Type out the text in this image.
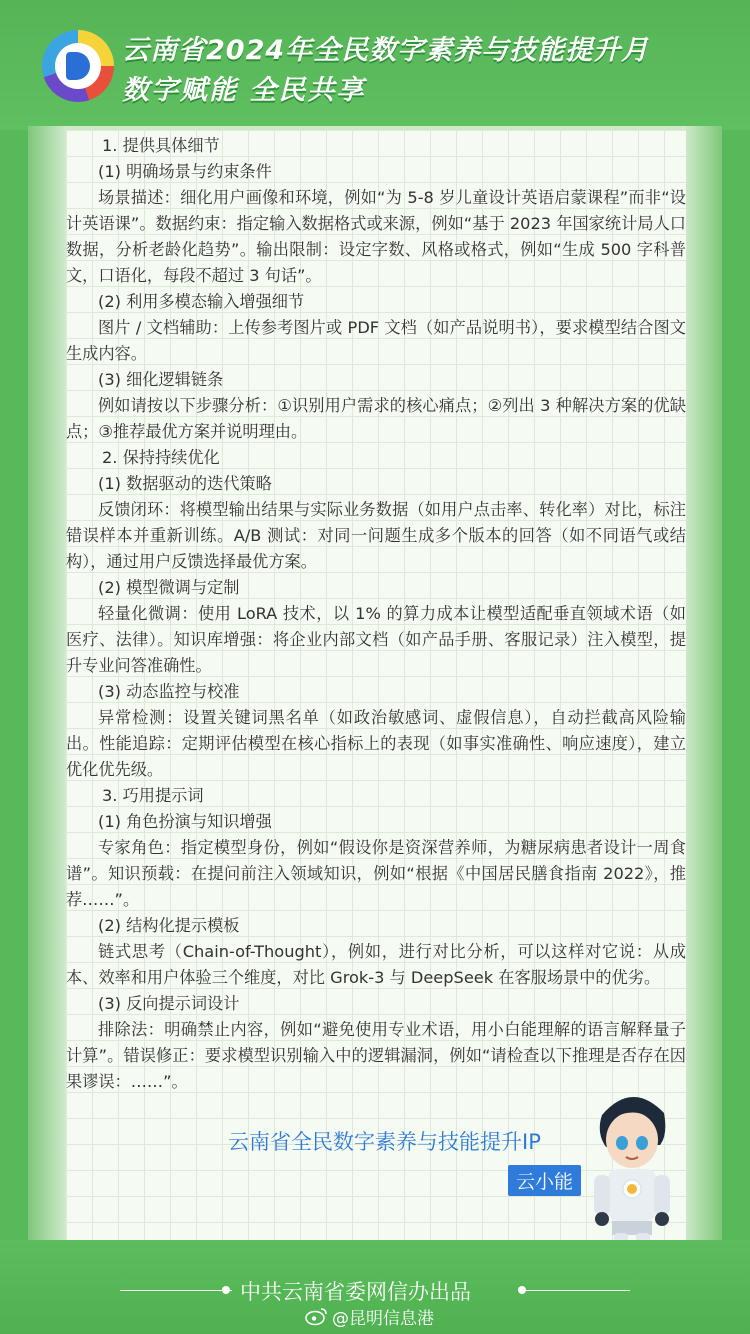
云南省2024年全民数字素养与技能提升月
数字赋能 全民共享

1. 提供具体细节

(1) 明确场景与约束条件

场景描述：细化用户画像和环境，例如“为 5-8 岁儿童设计英语启蒙课程”而非“设计英语课”。数据约束：指定输入数据格式或来源，例如“基于 2023 年国家统计局人口数据，分析老龄化趋势”。输出限制：设定字数、风格或格式，例如“生成 500 字科普文，口语化，每段不超过 3 句话”。

(2) 利用多模态输入增强细节

图片 / 文档辅助：上传参考图片或 PDF 文档（如产品说明书），要求模型结合图文生成内容。

(3) 细化逻辑链条

例如请按以下步骤分析：①识别用户需求的核心痛点；②列出 3 种解决方案的优缺点；③推荐最优方案并说明理由。

2. 保持持续优化

(1) 数据驱动的迭代策略

反馈闭环：将模型输出结果与实际业务数据（如用户点击率、转化率）对比，标注错误样本并重新训练。A/B 测试：对同一问题生成多个版本的回答（如不同语气或结构），通过用户反馈选择最优方案。

(2) 模型微调与定制

轻量化微调：使用 LoRA 技术，以 1% 的算力成本让模型适配垂直领域术语（如医疗、法律）。知识库增强：将企业内部文档（如产品手册、客服记录）注入模型，提升专业问答准确性。

(3) 动态监控与校准

异常检测：设置关键词黑名单（如政治敏感词、虚假信息），自动拦截高风险输出。性能追踪：定期评估模型在核心指标上的表现（如事实准确性、响应速度），建立优化优先级。

3. 巧用提示词

(1) 角色扮演与知识增强

专家角色：指定模型身份，例如“假设你是资深营养师，为糖尿病患者设计一周食谱”。知识预载：在提问前注入领域知识，例如“根据《中国居民膳食指南 2022》，推荐……”。

(2) 结构化提示模板

链式思考（Chain-of-Thought），例如，进行对比分析，可以这样对它说：从成本、效率和用户体验三个维度，对比 Grok-3 与 DeepSeek 在客服场景中的优劣。

(3) 反向提示词设计

排除法：明确禁止内容，例如“避免使用专业术语，用小白能理解的语言解释量子计算”。错误修正：要求模型识别输入中的逻辑漏洞，例如“请检查以下推理是否存在因果谬误：……”。

云南省全民数字素养与技能提升IP
云小能
中共云南省委网信办出品
@昆明信息港
